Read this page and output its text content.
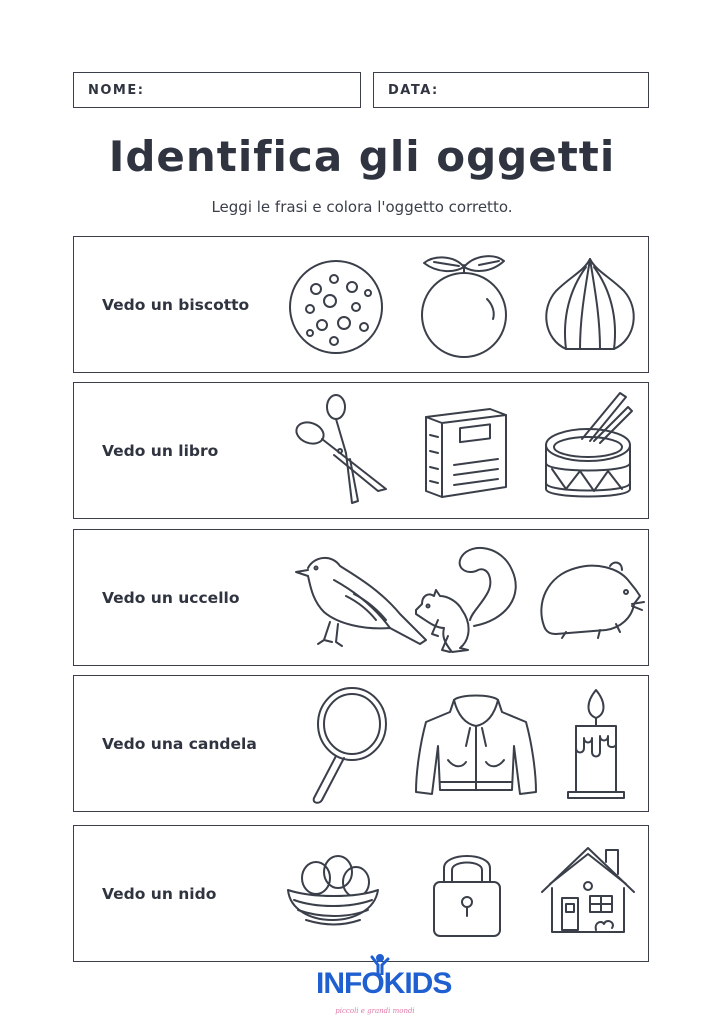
NOME:	DATA:
Identifica gli oggetti
Leggi le frasi e colora l'oggetto corretto.
Vedo un biscotto
Vedo un libro
Vedo un uccello
Vedo una candela
Vedo un nido
INFOKIDS
piccoli e grandi mondi
